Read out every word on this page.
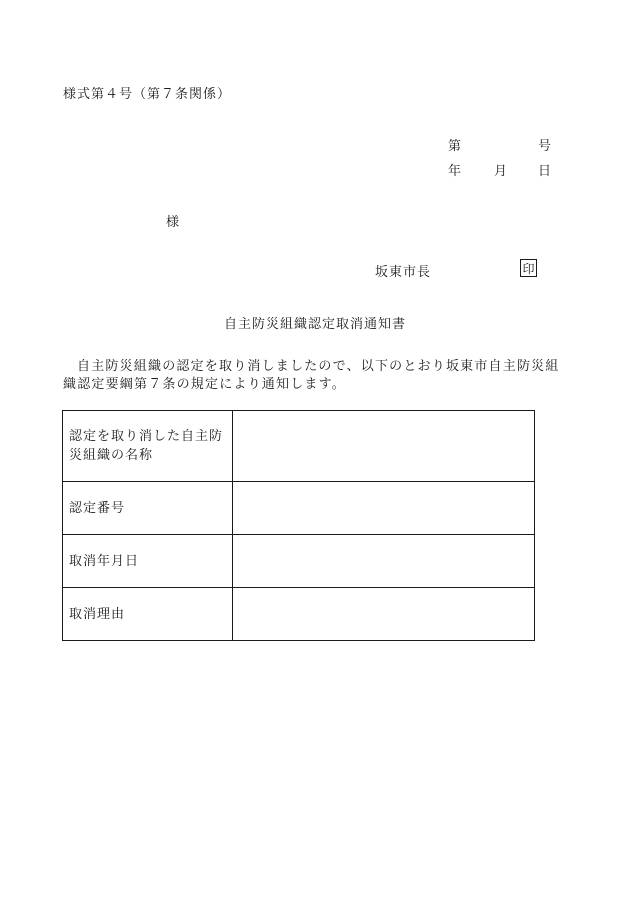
様式第４号（第７条関係）
第	号
年	月 日
様
坂東市長	印
自主防災組織認定取消通知書
自主防災組織の認定を取り消しましたので、以下のとおり坂東市自主防災組織認定要綱第７条の規定により通知します。
認定を取り消した自主防災組織の名称	
認定番号	
取消年月日	
取消理由	
